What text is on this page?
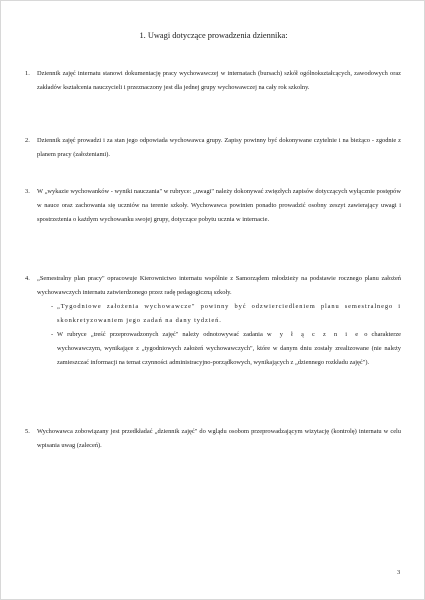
1. Uwagi dotyczące prowadzenia dziennika:
1. Dziennik zajęć internatu stanowi dokumentację pracy wychowawczej w internatach (bursach) szkół ogólnokształcących, zawodowych oraz zakładów kształcenia nauczycieli i przeznaczony jest dla jednej grupy wychowawczej na cały rok szkolny.
2. Dziennik zajęć prowadzi i za stan jego odpowiada wychowawca grupy. Zapisy powinny być dokonywane czytelnie i na bieżąco - zgodnie z planem pracy (założeniami).
3. W „wykazie wychowanków - wyniki nauczania" w rubryce: „uwagi" należy dokonywać zwięzłych zapisów dotyczących wyłącznie postępów w nauce oraz zachowania się uczniów na terenie szkoły. Wychowawca powinien ponadto prowadzić osobny zeszyt zawierający uwagi i spostrzeżenia o każdym wychowanku swojej grupy, dotyczące pobytu ucznia w internacie.
4. „Semestralny plan pracy" opracowuje Kierownictwo internatu wspólnie z Samorządem młodzieży na podstawie rocznego planu założeń wychowawczych internatu zatwierdzonego przez radę pedagogiczną szkoły.
- „Tygodniowe założenia wychowawcze" powinny być odzwierciedleniem planu semestralnego i skonkretyzowaniem jego zadań na dany tydzień.
- W rubryce „treść przeprowadzonych zajęć" należy odnotowywać zadania w y ł ą c z n i e o charakterze wychowawczym, wynikające z „tygodniowych założeń wychowawczych", które w danym dniu zostały zrealizowane (nie należy zamieszczać informacji na temat czynności administracyjno-porządkowych, wynikających z „dziennego rozkładu zajęć").
5. Wychowawca zobowiązany jest przedkładać „dziennik zajęć" do wglądu osobom przeprowadzającym wizytację (kontrolę) internatu w celu wpisania uwag (zaleceń).
3
